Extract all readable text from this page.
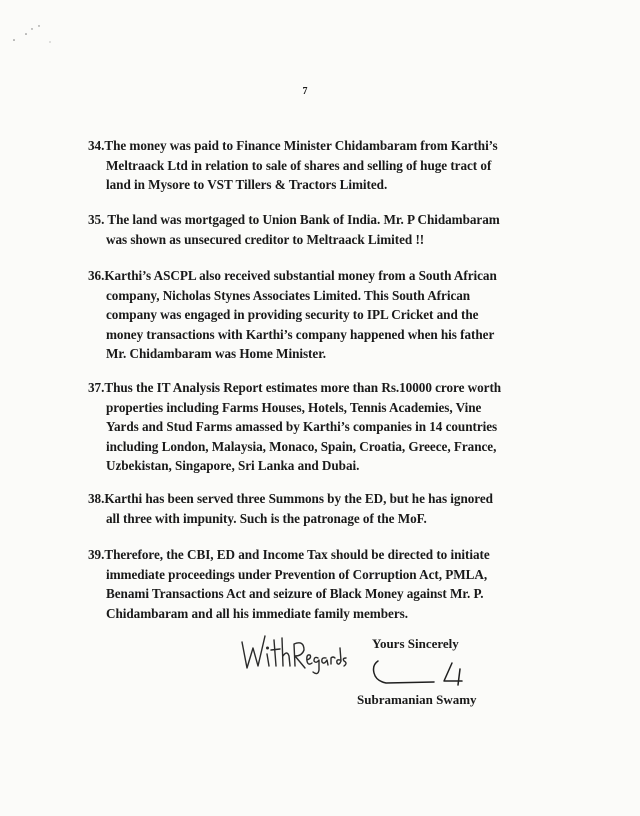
7

34.The money was paid to Finance Minister Chidambaram from Karthi’s
Meltraack Ltd in relation to sale of shares and selling of huge tract of
land in Mysore to VST Tillers & Tractors Limited.

35. The land was mortgaged to Union Bank of India. Mr. P Chidambaram
was shown as unsecured creditor to Meltraack Limited !!

36.Karthi’s ASCPL also received substantial money from a South African
company, Nicholas Stynes Associates Limited. This South African
company was engaged in providing security to IPL Cricket and the
money transactions with Karthi’s company happened when his father
Mr. Chidambaram was Home Minister.

37.Thus the IT Analysis Report estimates more than Rs.10000 crore worth
properties including Farms Houses, Hotels, Tennis Academies, Vine
Yards and Stud Farms amassed by Karthi’s companies in 14 countries
including London, Malaysia, Monaco, Spain, Croatia, Greece, France,
Uzbekistan, Singapore, Sri Lanka and Dubai.

38.Karthi has been served three Summons by the ED, but he has ignored
all three with impunity. Such is the patronage of the MoF.

39.Therefore, the CBI, ED and Income Tax should be directed to initiate
immediate proceedings under Prevention of Corruption Act, PMLA,
Benami Transactions Act and seizure of Black Money against Mr. P.
Chidambaram and all his immediate family members.

Yours Sincerely

Subramanian Swamy
